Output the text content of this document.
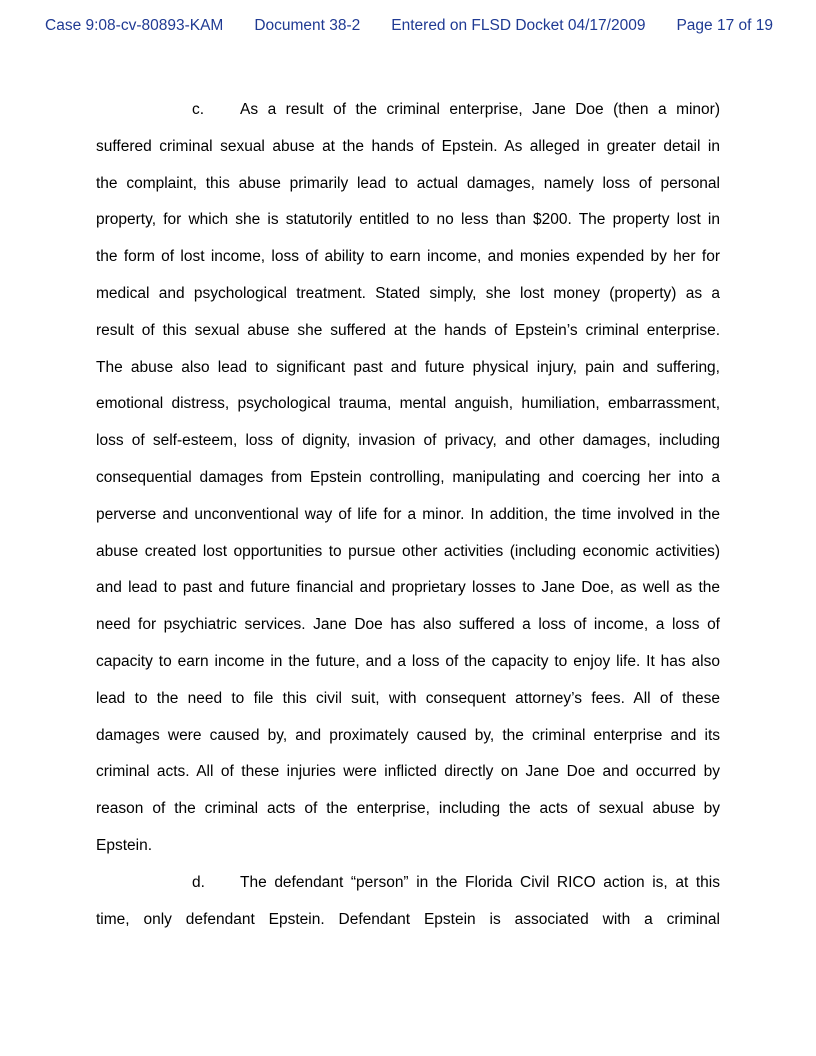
Case 9:08-cv-80893-KAM Document 38-2 Entered on FLSD Docket 04/17/2009 Page 17 of 19
c. As a result of the criminal enterprise, Jane Doe (then a minor)
suffered criminal sexual abuse at the hands of Epstein. As alleged in greater detail in
the complaint, this abuse primarily lead to actual damages, namely loss of personal
property, for which she is statutorily entitled to no less than $200. The property lost in
the form of lost income, loss of ability to earn income, and monies expended by her for
medical and psychological treatment. Stated simply, she lost money (property) as a
result of this sexual abuse she suffered at the hands of Epstein’s criminal enterprise.
The abuse also lead to significant past and future physical injury, pain and suffering,
emotional distress, psychological trauma, mental anguish, humiliation, embarrassment,
loss of self-esteem, loss of dignity, invasion of privacy, and other damages, including
consequential damages from Epstein controlling, manipulating and coercing her into a
perverse and unconventional way of life for a minor. In addition, the time involved in the
abuse created lost opportunities to pursue other activities (including economic activities)
and lead to past and future financial and proprietary losses to Jane Doe, as well as the
need for psychiatric services. Jane Doe has also suffered a loss of income, a loss of
capacity to earn income in the future, and a loss of the capacity to enjoy life. It has also
lead to the need to file this civil suit, with consequent attorney’s fees. All of these
damages were caused by, and proximately caused by, the criminal enterprise and its
criminal acts. All of these injuries were inflicted directly on Jane Doe and occurred by
reason of the criminal acts of the enterprise, including the acts of sexual abuse by
Epstein.
d. The defendant “person” in the Florida Civil RICO action is, at this
time, only defendant Epstein. Defendant Epstein is associated with a criminal
